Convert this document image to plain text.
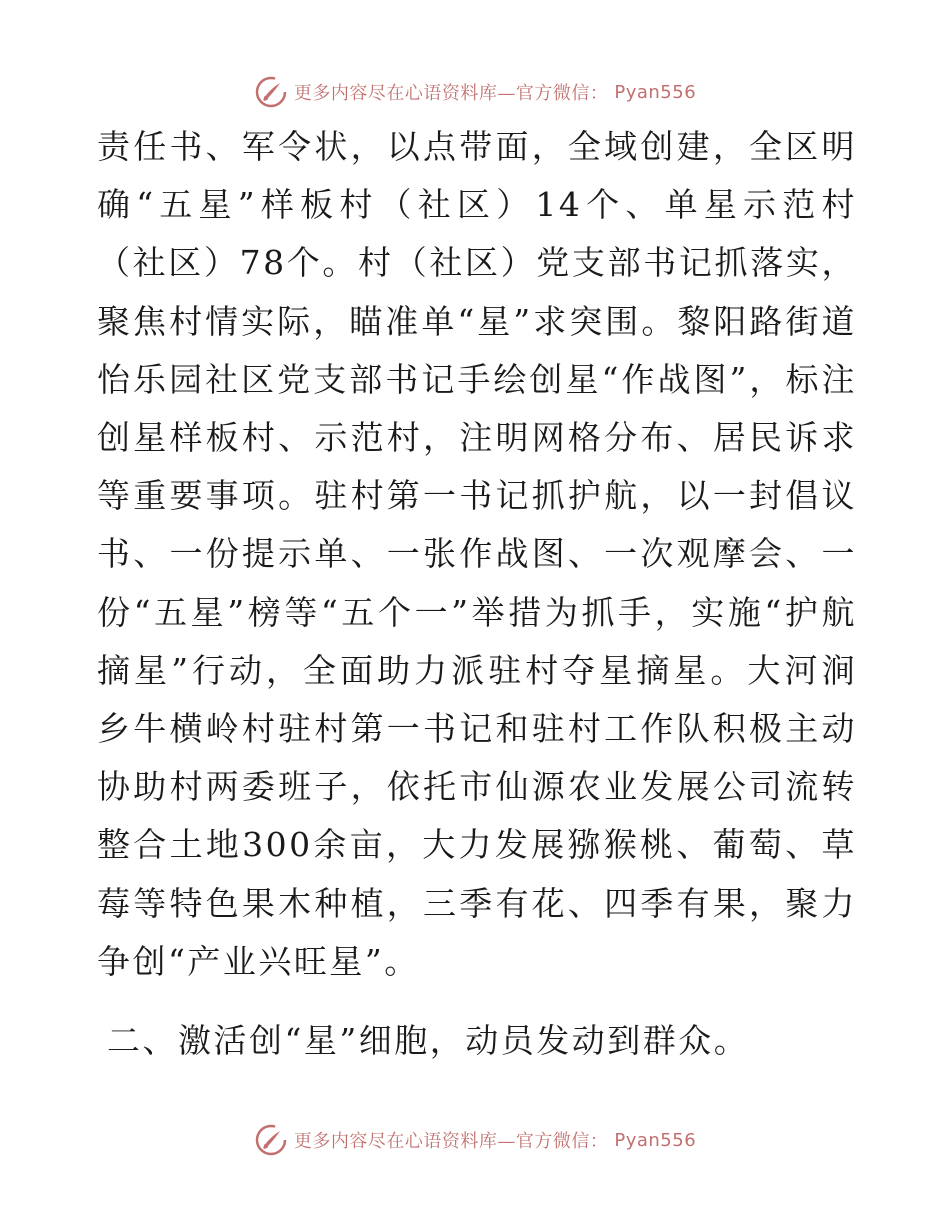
更多内容尽在心语资料库—官方微信： Pyan556

责任书、军令状，以点带面，全域创建，全区明确“五星”样板村（社区）14个、单星示范村（社区）78个。村（社区）党支部书记抓落实，聚焦村情实际，瞄准单“星”求突围。黎阳路街道怡乐园社区党支部书记手绘创星“作战图”，标注创星样板村、示范村，注明网格分布、居民诉求等重要事项。驻村第一书记抓护航，以一封倡议书、一份提示单、一张作战图、一次观摩会、一份“五星”榜等“五个一”举措为抓手，实施“护航摘星”行动，全面助力派驻村夺星摘星。大河涧乡牛横岭村驻村第一书记和驻村工作队积极主动协助村两委班子，依托市仙源农业发展公司流转整合土地300余亩，大力发展猕猴桃、葡萄、草莓等特色果木种植，三季有花、四季有果，聚力争创“产业兴旺星”。

二、激活创“星”细胞，动员发动到群众。
更多内容尽在心语资料库—官方微信： Pyan556
